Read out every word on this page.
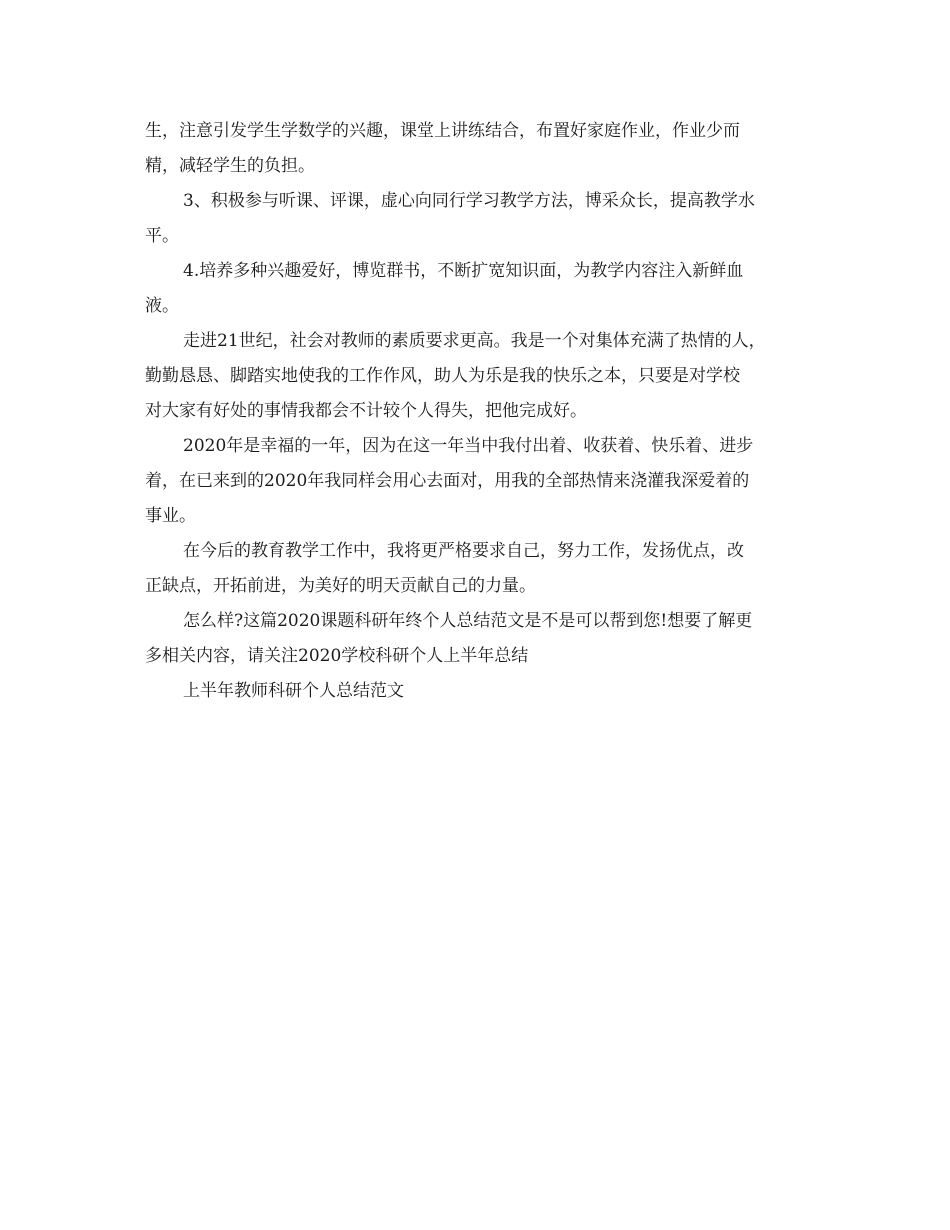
生，注意引发学生学数学的兴趣，课堂上讲练结合，布置好家庭作业，作业少而
精，减轻学生的负担。
3、积极参与听课、评课，虚心向同行学习教学方法，博采众长，提高教学水
平。
4.培养多种兴趣爱好，博览群书，不断扩宽知识面，为教学内容注入新鲜血
液。
走进21世纪，社会对教师的素质要求更高。我是一个对集体充满了热情的人，
勤勤恳恳、脚踏实地使我的工作作风，助人为乐是我的快乐之本，只要是对学校
对大家有好处的事情我都会不计较个人得失，把他完成好。
2020年是幸福的一年，因为在这一年当中我付出着、收获着、快乐着、进步
着，在已来到的2020年我同样会用心去面对，用我的全部热情来浇灌我深爱着的
事业。
在今后的教育教学工作中，我将更严格要求自己，努力工作，发扬优点，改
正缺点，开拓前进，为美好的明天贡献自己的力量。
怎么样?这篇2020课题科研年终个人总结范文是不是可以帮到您!想要了解更
多相关内容，请关注2020学校科研个人上半年总结
上半年教师科研个人总结范文
